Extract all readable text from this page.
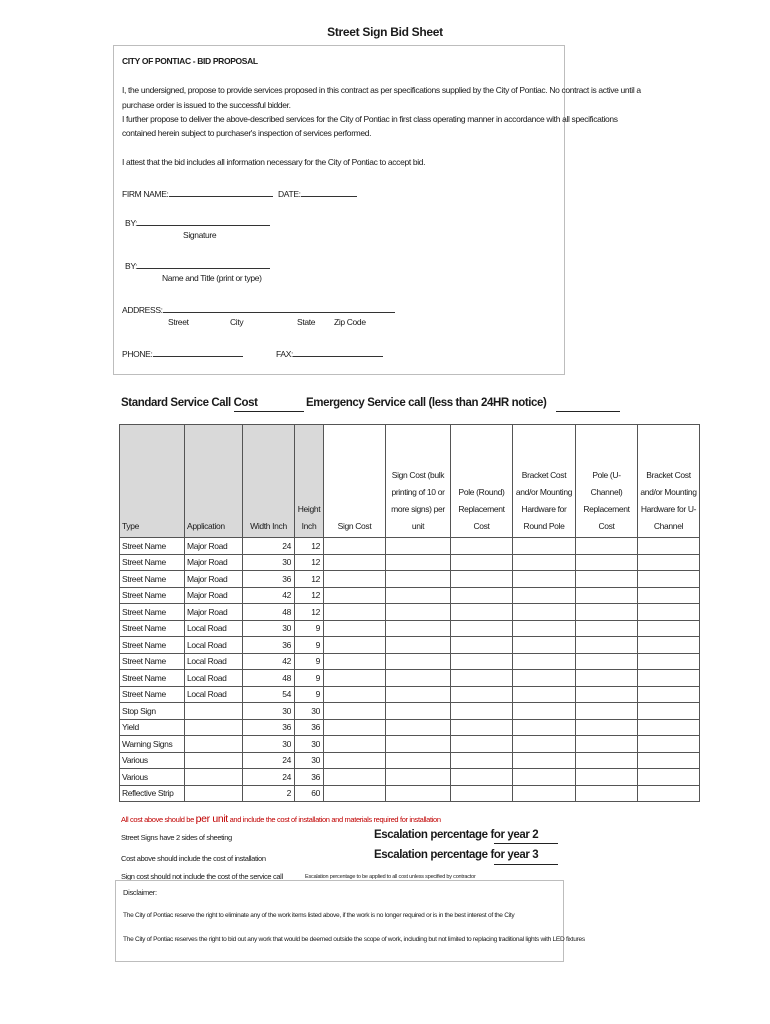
Street Sign Bid Sheet
CITY OF PONTIAC - BID PROPOSAL
I, the undersigned, propose to provide services proposed in this contract as per specifications supplied by the City of Pontiac. No contract is active until a
purchase order is issued to the successful bidder.
I further propose to deliver the above-described services for the City of Pontiac in first class operating manner in accordance with all specifications
contained herein subject to purchaser's inspection of services performed.
I attest that the bid includes all information necessary for the City of Pontiac to accept bid.
FIRM NAME:	DATE:
BY:
Signature
BY:
Name and Title (print or type)
ADDRESS:
Street	City	State Zip Code
PHONE:	FAX:
Standard Service Call Cost	Emergency Service call (less than 24HR notice)
Type	Application	Width Inch	Height Inch	Sign Cost	Sign Cost (bulk printing of 10 or more signs) per unit	Pole (Round) Replacement Cost	Bracket Cost and/or Mounting Hardware for Round Pole	Pole (U-Channel) Replacement Cost	Bracket Cost and/or Mounting Hardware for U-Channel
Street Name	Major Road	24	12						
Street Name	Major Road	30	12						
Street Name	Major Road	36	12						
Street Name	Major Road	42	12						
Street Name	Major Road	48	12						
Street Name	Local Road	30	9						
Street Name	Local Road	36	9						
Street Name	Local Road	42	9						
Street Name	Local Road	48	9						
Street Name	Local Road	54	9						
Stop Sign		30	30						
Yield		36	36						
Warning Signs		30	30						
Various		24	30						
Various		24	36						
Reflective Strip		2	60						
All cost above should be per unit and include the cost of installation and materials required for installation
Street Signs have 2 sides of sheeting	Escalation percentage for year 2
Cost above should include the cost of installation	Escalation percentage for year 3
Sign cost should not include the cost of the service call	Escalation percentage to be applied to all cost unless specified by contractor
Disclaimer:
The City of Pontiac reserve the right to eliminate any of the work items listed above, if the work is no longer required or is in the best interest of the City
The City of Pontiac reserves the right to bid out any work that would be deemed outside the scope of work, including but not limited to replacing traditional lights with LED fixtures
